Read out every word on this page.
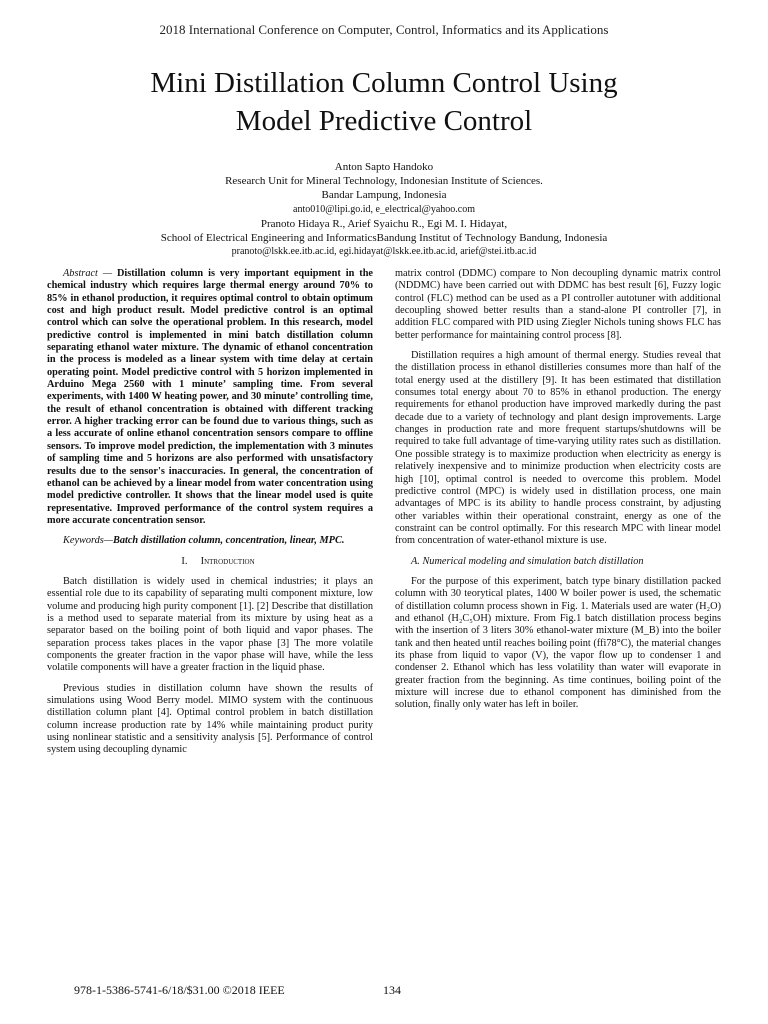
2018 International Conference on Computer, Control, Informatics and its Applications
Mini Distillation Column Control Using
Model Predictive Control
Anton Sapto Handoko
Research Unit for Mineral Technology, Indonesian Institute of Sciences.
Bandar Lampung, Indonesia
anto010@lipi.go.id, e_electrical@yahoo.com
Pranoto Hidaya R., Arief Syaichu R., Egi M. I. Hidayat,
School of Electrical Engineering and InformaticsBandung Institut of Technology Bandung, Indonesia
pranoto@lskk.ee.itb.ac.id, egi.hidayat@lskk.ee.itb.ac.id, arief@stei.itb.ac.id

Abstract — Distillation column is very important equipment in the chemical industry which requires large thermal energy around 70% to 85% in ethanol production, it requires optimal control to obtain optimum cost and high product result. Model predictive control is an optimal control which can solve the operational problem. In this research, model predictive control is implemented in mini batch distillation column separating ethanol water mixture. The dynamic of ethanol concentration in the process is modeled as a linear system with time delay at certain operating point. Model predictive control with 5 horizon implemented in Arduino Mega 2560 with 1 minute’ sampling time. From several experiments, with 1400 W heating power, and 30 minute’ controlling time, the result of ethanol concentration is obtained with different tracking error. A higher tracking error can be found due to various things, such as a less accurate of online ethanol concentration sensors compare to offline sensors. To improve model prediction, the implementation with 3 minutes of sampling time and 5 horizons are also performed with unsatisfactory results due to the sensor's inaccuracies. In general, the concentration of ethanol can be achieved by a linear model from water concentration using model predictive controller. It shows that the linear model used is quite representative. Improved performance of the control system requires a more accurate concentration sensor.

Keywords—Batch distillation column, concentration, linear, MPC.

I. Introduction

Batch distillation is widely used in chemical industries; it plays an essential role due to its capability of separating multi component mixture, low volume and producing high purity component [1]. [2] Describe that distillation is a method used to separate material from its mixture by using heat as a separator based on the boiling point of both liquid and vapor phases. The separation process takes places in the vapor phase [3] The more volatile components the greater fraction in the vapor phase will have, while the less volatile components will have a greater fraction in the liquid phase.

Previous studies in distillation column have shown the results of simulations using Wood Berry model. MIMO system with the continuous distillation column plant [4]. Optimal control problem in batch distillation column increase production rate by 14% while maintaining product purity using nonlinear statistic and a sensitivity analysis [5]. Performance of control system using decoupling dynamic

matrix control (DDMC) compare to Non decoupling dynamic matrix control (NDDMC) have been carried out with DDMC has best result [6], Fuzzy logic control (FLC) method can be used as a PI controller autotuner with additional decoupling showed better results than a stand-alone PI controller [7], in addition FLC compared with PID using Ziegler Nichols tuning shows FLC has better performance for maintaining control process [8].

Distillation requires a high amount of thermal energy. Studies reveal that the distillation process in ethanol distilleries consumes more than half of the total energy used at the distillery [9]. It has been estimated that distillation consumes total energy about 70 to 85% in ethanol production. The energy requirements for ethanol production have improved markedly during the past decade due to a variety of technology and plant design improvements. Large changes in production rate and more frequent startups/shutdowns will be required to take full advantage of time-varying utility rates such as distillation. One possible strategy is to maximize production when electricity as energy is relatively inexpensive and to minimize production when electricity costs are high [10], optimal control is needed to overcome this problem. Model predictive control (MPC) is widely used in distillation process, one main advantages of MPC is its ability to handle process constraint, by adjusting other variables within their operational constraint, energy as one of the constraint can be control optimally. For this research MPC with linear model from concentration of water-ethanol mixture is use.

A. Numerical modeling and simulation batch distillation

For the purpose of this experiment, batch type binary distillation packed column with 30 teorytical plates, 1400 W boiler power is used, the schematic of distillation column process shown in Fig. 1. Materials used are water (H₂O) and ethanol (H₂C₅OH) mixture. From Fig.1 batch distillation process begins with the insertion of 3 liters 30% ethanol-water mixture (M_B) into the boiler tank and then heated until reaches boiling point (ffi78°C), the material changes its phase from liquid to vapor (V), the vapor flow up to condenser 1 and condenser 2. Ethanol which has less volatility than water will evaporate in greater fraction from the beginning. As time continues, boiling point of the mixture will increse due to ethanol component has diminished from the solution, finally only water has left in boiler.

978-1-5386-5741-6/18/$31.00 ©2018 IEEE	134
